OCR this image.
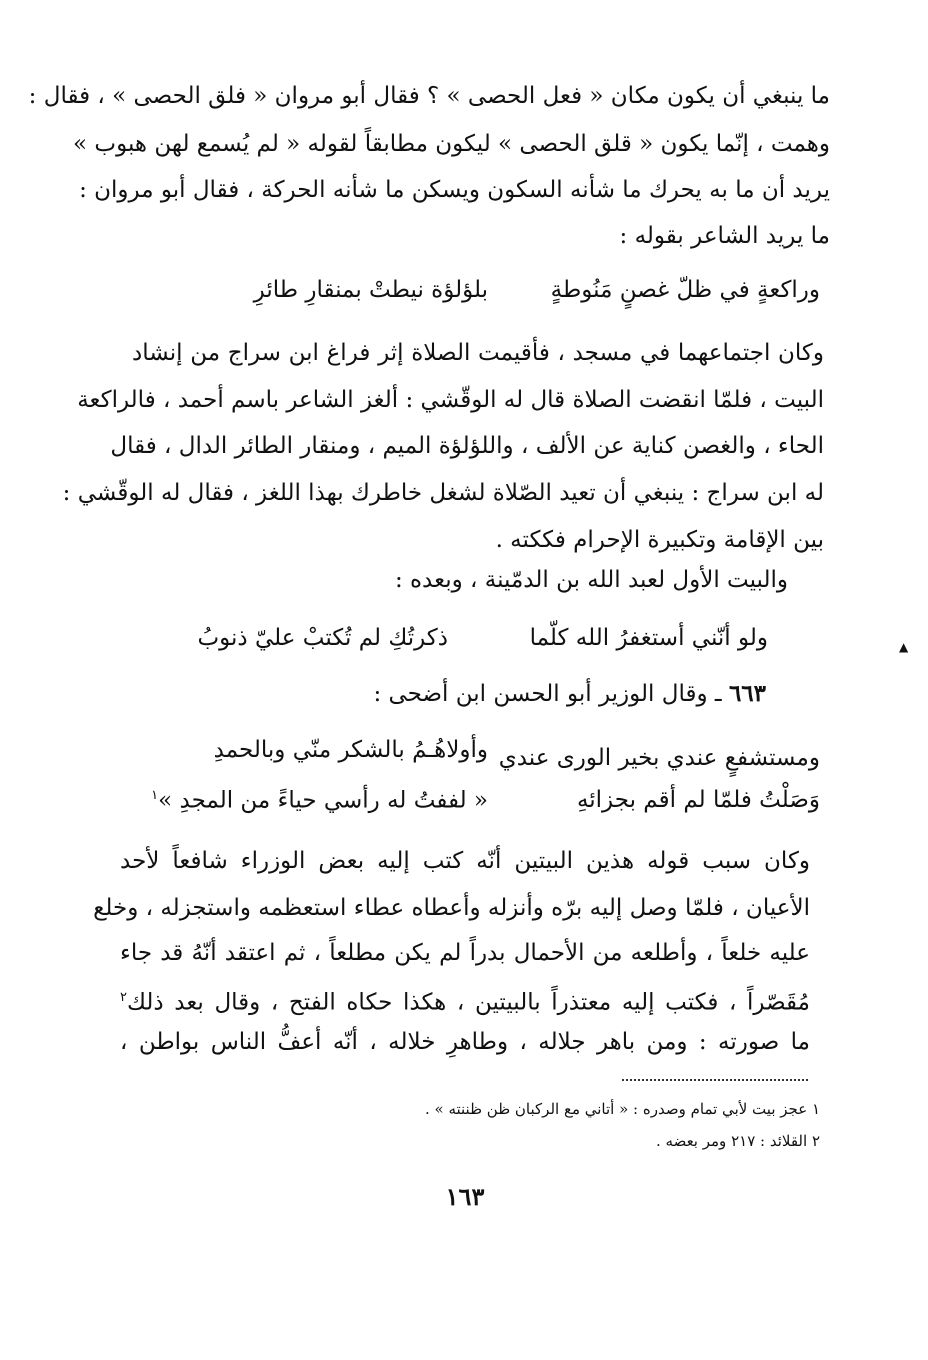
ما ينبغي أن يكون مكان « فعل الحصى » ؟ فقال أبو مروان « فلق الحصى » ، فقال :
وهمت ، إنّما يكون « قلق الحصى » ليكون مطابقاً لقوله « لم يُسمع لهن هبوب »
يريد أن ما به يحرك ما شأنه السكون ويسكن ما شأنه الحركة ، فقال أبو مروان :
ما يريد الشاعر بقوله :
وراكعةٍ في ظلّ غصنٍ مَنُوطةٍ
بلؤلؤة نيطتْ بمنقارِ طائرِ
وكان اجتماعهما في مسجد ، فأقيمت الصلاة إثر فراغ ابن سراج من إنشاد
البيت ، فلمّا انقضت الصلاة قال له الوقّشي : ألغز الشاعر باسم أحمد ، فالراكعة
الحاء ، والغصن كناية عن الألف ، واللؤلؤة الميم ، ومنقار الطائر الدال ، فقال
له ابن سراج : ينبغي أن تعيد الصّلاة لشغل خاطرك بهذا اللغز ، فقال له الوقّشي :
بين الإقامة وتكبيرة الإحرام فككته .
والبيت الأول لعبد الله بن الدمّينة ، وبعده :
ولو أنّني أستغفرُ الله كلّما
ذكرتُكِ لم تُكتبْ عليّ ذنوبُ	▲
٦٦٣ ـ وقال الوزير أبو الحسن ابن أضحى :
ومستشفعٍ عندي بخير الورى عندي
وأولاهُـمُ بالشكر منّي وبالحمدِ
وَصَلْتُ فلمّا لم أقم بجزائهِ
« لففتُ له رأسي حياءً من المجدِ »$^١$
وكان سبب قوله هذين البيتين أنّه كتب إليه بعض الوزراء شافعاً لأحد
الأعيان ، فلمّا وصل إليه برّه وأنزله وأعطاه عطاء استعظمه واستجزله ، وخلع
عليه خلعاً ، وأطلعه من الأحمال بدراً لم يكن مطلعاً ، ثم اعتقد أنّهُ قد جاء
مُقَصّراً ، فكتب إليه معتذراً بالبيتين ، هكذا حكاه الفتح ، وقال بعد ذلك$^٢$
ما صورته : ومن باهر جلاله ، وطاهرِ خلاله ، أنّه أعفُّ الناس بواطن ،
١ عجز بيت لأبي تمام وصدره : « أتاني مع الركبان ظن ظننته » .
٢ القلائد : ٢١٧ ومر بعضه .
١٦٣
